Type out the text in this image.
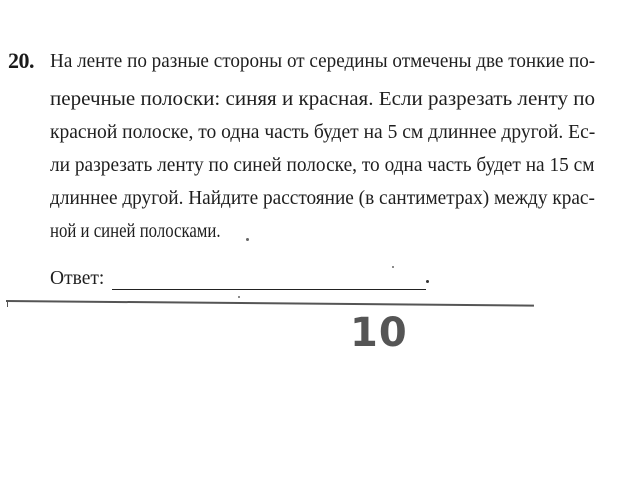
20. На ленте по разные стороны от середины отмечены две тонкие по-
перечные полоски: синяя и красная. Если разрезать ленту по
красной полоске, то одна часть будет на 5 см длиннее другой. Ес-
ли разрезать ленту по синей полоске, то одна часть будет на 15 см
длиннее другой. Найдите расстояние (в сантиметрах) между крас-
ной и синей полосками.
Ответ:
10
